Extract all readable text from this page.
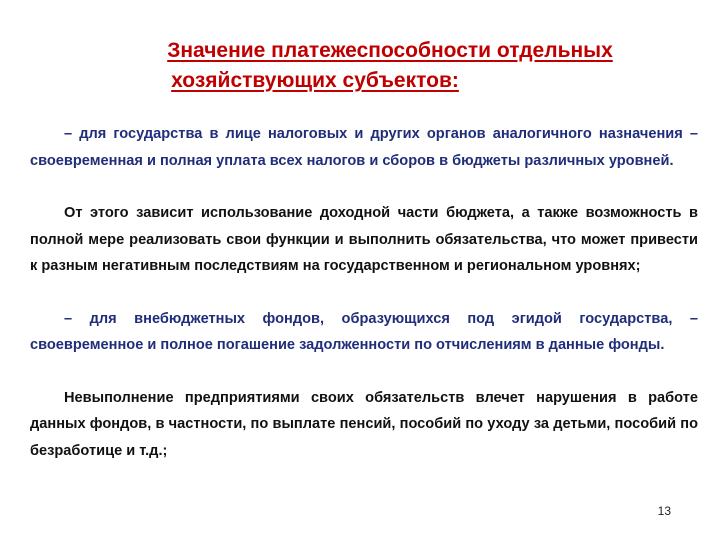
Значение платежеспособности отдельных
хозяйствующих субъектов:

– для государства в лице налоговых и других органов аналогичного назначения – своевременная и полная уплата всех налогов и сборов в бюджеты различных уровней.

От этого зависит использование доходной части бюджета, а также возможность в полной мере реализовать свои функции и выполнить обязательства, что может привести к разным негативным последствиям на государственном и региональном уровнях;

– для внебюджетных фондов, образующихся под эгидой государства, – своевременное и полное погашение задолженности по отчислениям в данные фонды.

Невыполнение предприятиями своих обязательств влечет нарушения в работе данных фондов, в частности, по выплате пенсий, пособий по уходу за детьми, пособий по безработице и т.д.;

13
